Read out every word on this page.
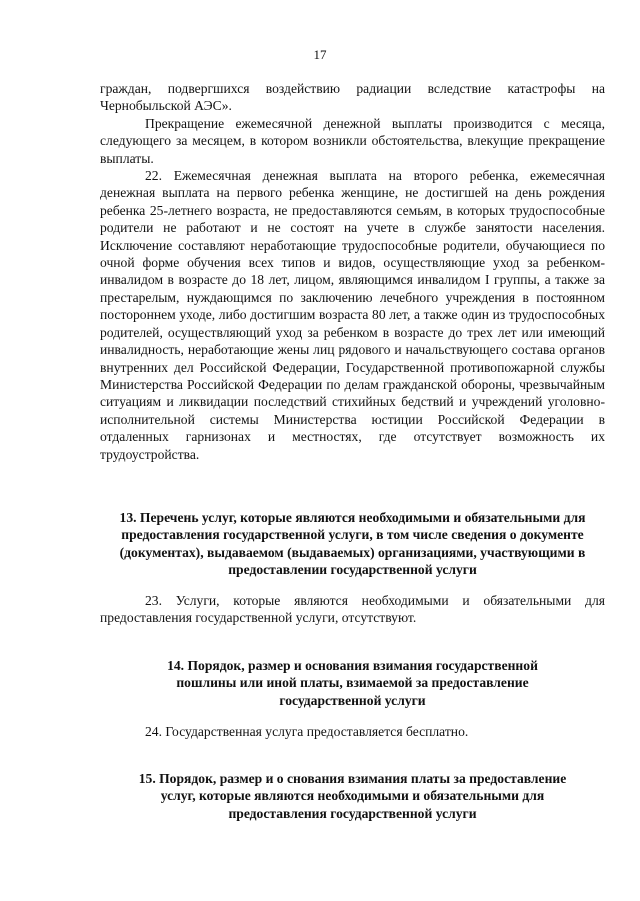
17

граждан, подвергшихся воздействию радиации вследствие катастрофы на Чернобыльской АЭС».

Прекращение ежемесячной денежной выплаты производится с месяца, следующего за месяцем, в котором возникли обстоятельства, влекущие прекращение выплаты.

22. Ежемесячная денежная выплата на второго ребенка, ежемесячная денежная выплата на первого ребенка женщине, не достигшей на день рождения ребенка 25-летнего возраста, не предоставляются семьям, в которых трудоспособные родители не работают и не состоят на учете в службе занятости населения. Исключение составляют неработающие трудоспособные родители, обучающиеся по очной форме обучения всех типов и видов, осуществляющие уход за ребенком-инвалидом в возрасте до 18 лет, лицом, являющимся инвалидом I группы, а также за престарелым, нуждающимся по заключению лечебного учреждения в постоянном постороннем уходе, либо достигшим возраста 80 лет, а также один из трудоспособных родителей, осуществляющий уход за ребенком в возрасте до трех лет или имеющий инвалидность, неработающие жены лиц рядового и начальствующего состава органов внутренних дел Российской Федерации, Государственной противопожарной службы Министерства Российской Федерации по делам гражданской обороны, чрезвычайным ситуациям и ликвидации последствий стихийных бедствий и учреждений уголовно-исполнительной системы Министерства юстиции Российской Федерации в отдаленных гарнизонах и местностях, где отсутствует возможность их трудоустройства.

13. Перечень услуг, которые являются необходимыми и обязательными для предоставления государственной услуги, в том числе сведения о документе (документах), выдаваемом (выдаваемых) организациями, участвующими в предоставлении государственной услуги

23. Услуги, которые являются необходимыми и обязательными для предоставления государственной услуги, отсутствуют.

14. Порядок, размер и основания взимания государственной пошлины или иной платы, взимаемой за предоставление государственной услуги

24. Государственная услуга предоставляется бесплатно.

15. Порядок, размер и о снования взимания платы за предоставление услуг, которые являются необходимыми и обязательными для предоставления государственной услуги
